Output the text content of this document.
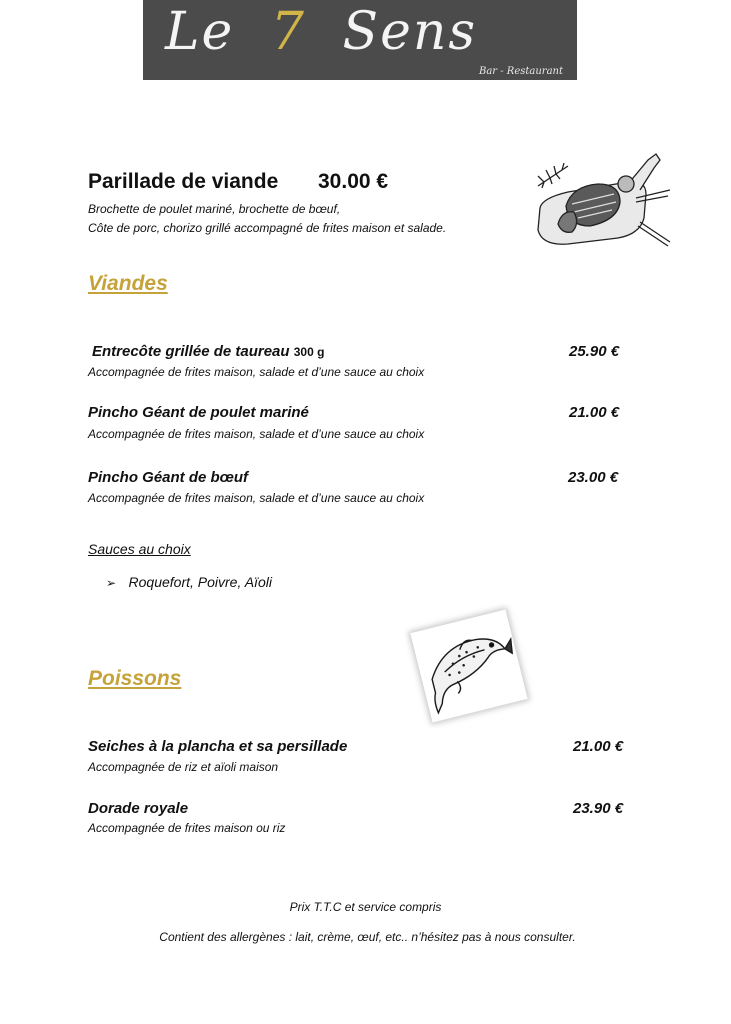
Le 7 Sens
Bar - Restaurant
Parillade de viande 30.00 €
Brochette de poulet mariné, brochette de bœuf,
Côte de porc, chorizo grillé accompagné de frites maison et salade.
Viandes
Entrecôte grillée de taureau 300 g	25.90 €
Accompagnée de frites maison, salade et d’une sauce au choix
Pincho Géant de poulet mariné	21.00 €
Accompagnée de frites maison, salade et d’une sauce au choix
Pincho Géant de bœuf	23.00 €
Accompagnée de frites maison, salade et d’une sauce au choix
Sauces au choix
➢ Roquefort, Poivre, Aïoli
Poissons
Seiches à la plancha et sa persillade	21.00 €
Accompagnée de riz et aïoli maison
Dorade royale	23.90 €
Accompagnée de frites maison ou riz
Prix T.T.C et service compris
Contient des allergènes : lait, crème, œuf, etc.. n’hésitez pas à nous consulter.
